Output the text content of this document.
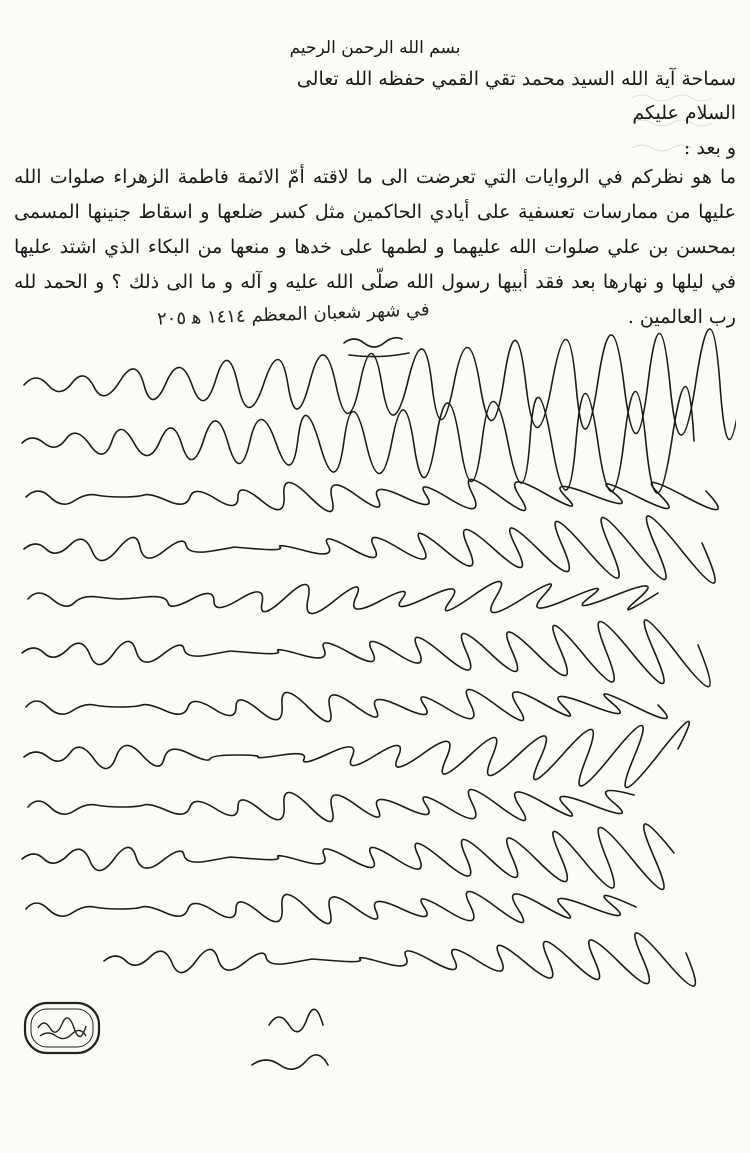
بسم الله الرحمن الرحيم
سماحة آية الله السيد محمد تقي القمي حفظه الله تعالى
السلام عليكم
و بعد :
ما هو نظركم في الروايات التي تعرضت الى ما لاقته أمّ الائمة فاطمة الزهراء صلوات الله عليها من ممارسات تعسفية على أيادي الحاكمين مثل كسر ضلعها و اسقاط جنينها المسمى بمحسن بن علي صلوات الله عليهما و لطمها على خدها و منعها من البكاء الذي اشتد عليها في ليلها و نهارها بعد فقد أبيها رسول الله صلّى الله عليه و آله و ما الى ذلك ؟ و الحمد لله رب العالمين .
في شهر شعبان المعظم ١٤١٤ ه‍ ٢٠٥
